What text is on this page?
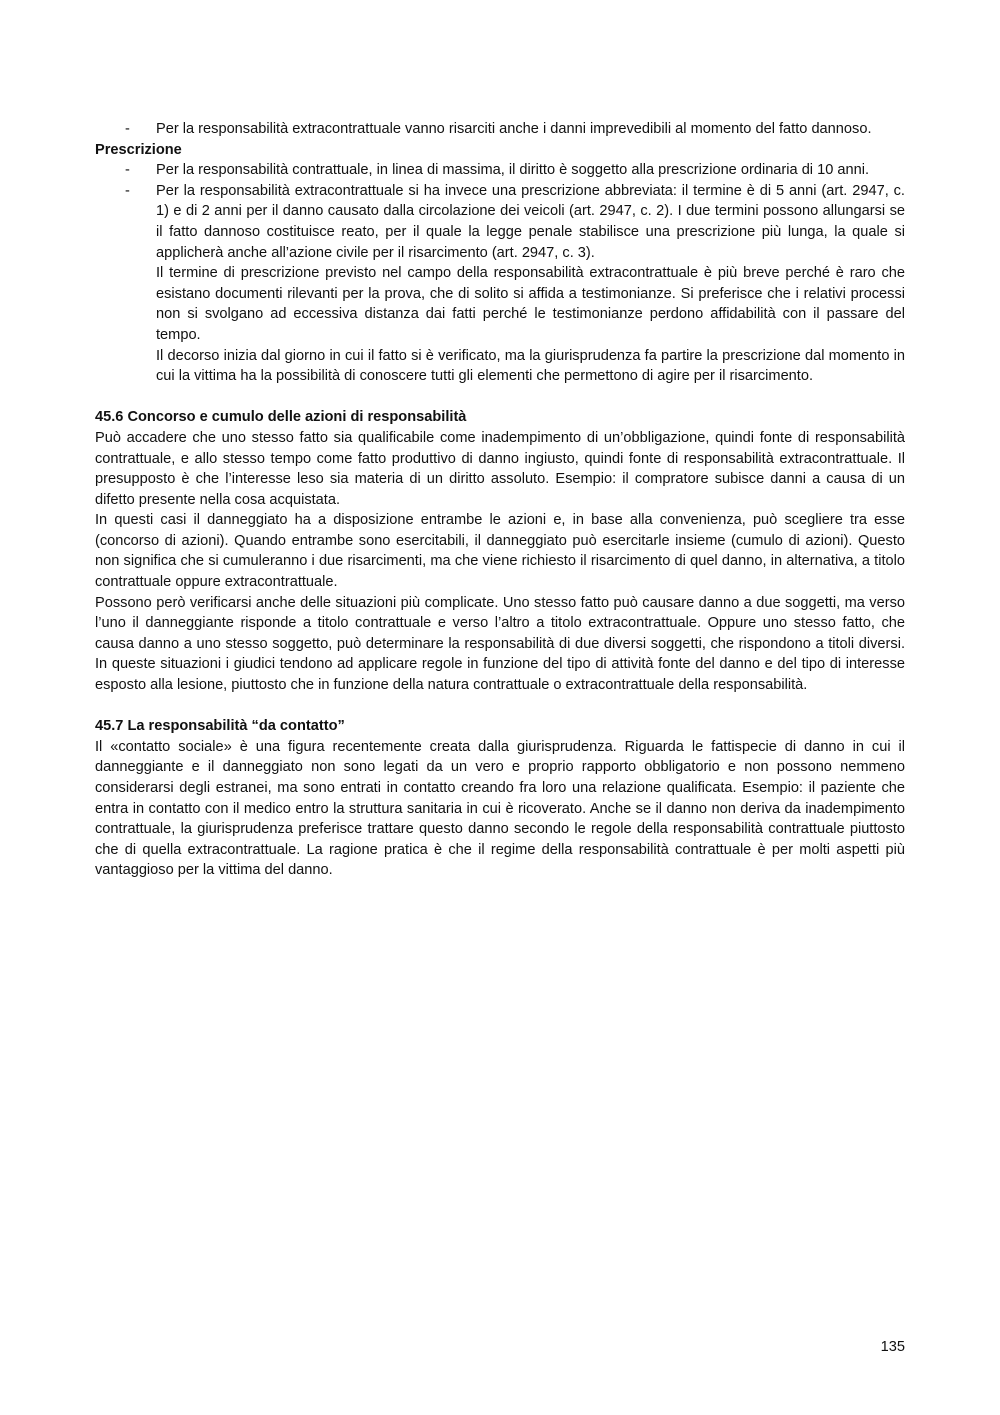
- Per la responsabilità extracontrattuale vanno risarciti anche i danni imprevedibili al momento del fatto dannoso.

Prescrizione

- Per la responsabilità contrattuale, in linea di massima, il diritto è soggetto alla prescrizione ordinaria di 10 anni.

- Per la responsabilità extracontrattuale si ha invece una prescrizione abbreviata: il termine è di 5 anni (art. 2947, c. 1) e di 2 anni per il danno causato dalla circolazione dei veicoli (art. 2947, c. 2). I due termini possono allungarsi se il fatto dannoso costituisce reato, per il quale la legge penale stabilisce una prescrizione più lunga, la quale si applicherà anche all’azione civile per il risarcimento (art. 2947, c. 3).

Il termine di prescrizione previsto nel campo della responsabilità extracontrattuale è più breve perché è raro che esistano documenti rilevanti per la prova, che di solito si affida a testimonianze. Si preferisce che i relativi processi non si svolgano ad eccessiva distanza dai fatti perché le testimonianze perdono affidabilità con il passare del tempo.

Il decorso inizia dal giorno in cui il fatto si è verificato, ma la giurisprudenza fa partire la prescrizione dal momento in cui la vittima ha la possibilità di conoscere tutti gli elementi che permettono di agire per il risarcimento.

45.6 Concorso e cumulo delle azioni di responsabilità

Può accadere che uno stesso fatto sia qualificabile come inadempimento di un’obbligazione, quindi fonte di responsabilità contrattuale, e allo stesso tempo come fatto produttivo di danno ingiusto, quindi fonte di responsabilità extracontrattuale. Il presupposto è che l’interesse leso sia materia di un diritto assoluto. Esempio: il compratore subisce danni a causa di un difetto presente nella cosa acquistata.

In questi casi il danneggiato ha a disposizione entrambe le azioni e, in base alla convenienza, può scegliere tra esse (concorso di azioni). Quando entrambe sono esercitabili, il danneggiato può esercitarle insieme (cumulo di azioni). Questo non significa che si cumuleranno i due risarcimenti, ma che viene richiesto il risarcimento di quel danno, in alternativa, a titolo contrattuale oppure extracontrattuale.

Possono però verificarsi anche delle situazioni più complicate. Uno stesso fatto può causare danno a due soggetti, ma verso l’uno il danneggiante risponde a titolo contrattuale e verso l’altro a titolo extracontrattuale. Oppure uno stesso fatto, che causa danno a uno stesso soggetto, può determinare la responsabilità di due diversi soggetti, che rispondono a titoli diversi. In queste situazioni i giudici tendono ad applicare regole in funzione del tipo di attività fonte del danno e del tipo di interesse esposto alla lesione, piuttosto che in funzione della natura contrattuale o extracontrattuale della responsabilità.

45.7 La responsabilità “da contatto”

Il «contatto sociale» è una figura recentemente creata dalla giurisprudenza. Riguarda le fattispecie di danno in cui il danneggiante e il danneggiato non sono legati da un vero e proprio rapporto obbligatorio e non possono nemmeno considerarsi degli estranei, ma sono entrati in contatto creando fra loro una relazione qualificata. Esempio: il paziente che entra in contatto con il medico entro la struttura sanitaria in cui è ricoverato. Anche se il danno non deriva da inadempimento contrattuale, la giurisprudenza preferisce trattare questo danno secondo le regole della responsabilità contrattuale piuttosto che di quella extracontrattuale. La ragione pratica è che il regime della responsabilità contrattuale è per molti aspetti più vantaggioso per la vittima del danno.

135
